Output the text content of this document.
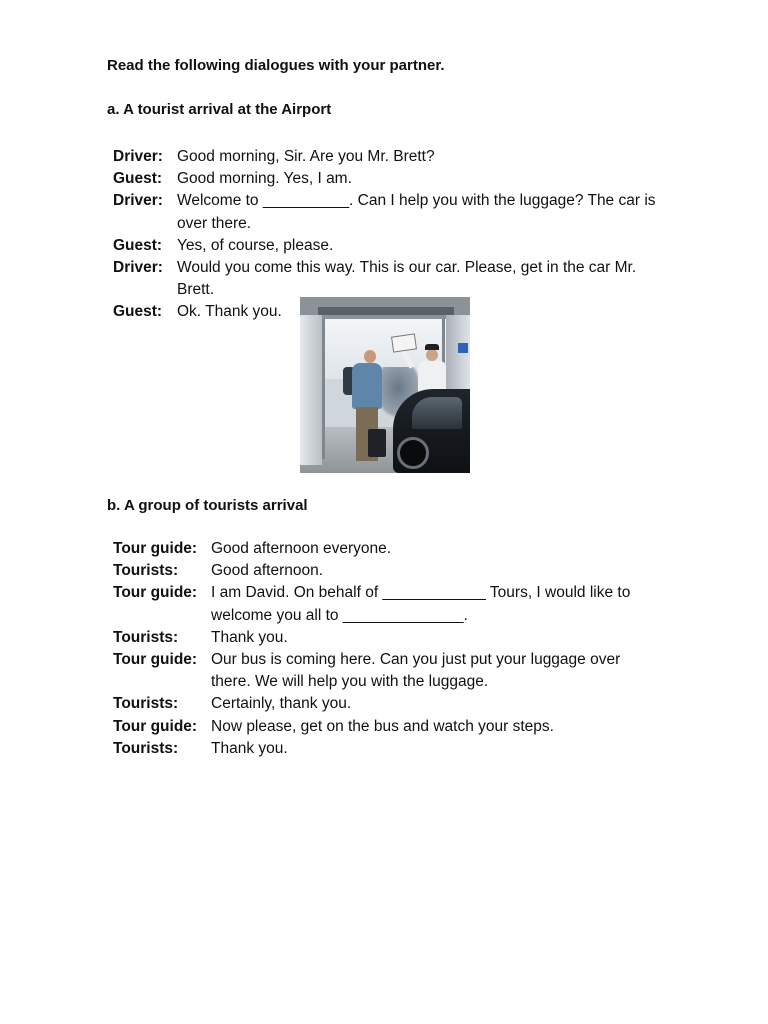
Read the following dialogues with your partner.
a. A tourist arrival at the Airport
Driver: Good morning, Sir. Are you Mr. Brett?
Guest: Good morning. Yes, I am.
Driver: Welcome to __________. Can I help you with the luggage? The car is over there.
Guest: Yes, of course, please.
Driver: Would you come this way. This is our car. Please, get in the car Mr. Brett.
Guest: Ok. Thank you.
b. A group of tourists arrival
Tour guide: Good afternoon everyone.
Tourists:	Good afternoon.
Tour guide: I am David. On behalf of ____________ Tours, I would like to welcome you all to ______________.
Tourists:	Thank you.
Tour guide: Our bus is coming here. Can you just put your luggage over there. We will help you with the luggage.
Tourists:	Certainly, thank you.
Tour guide: Now please, get on the bus and watch your steps.
Tourists:	Thank you.
